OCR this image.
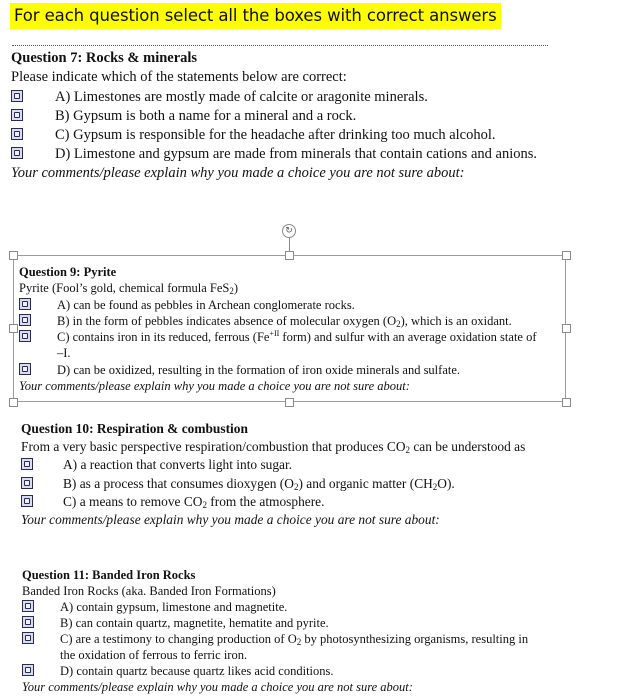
For each question select all the boxes with correct answers
Question 7: Rocks & minerals
Please indicate which of the statements below are correct:
A) Limestones are mostly made of calcite or aragonite minerals.
B) Gypsum is both a name for a mineral and a rock.
C) Gypsum is responsible for the headache after drinking too much alcohol.
D) Limestone and gypsum are made from minerals that contain cations and anions.
Your comments/please explain why you made a choice you are not sure about:
↻
Question 9: Pyrite
Pyrite (Fool’s gold, chemical formula FeS$_2$)
A) can be found as pebbles in Archean conglomerate rocks.
B) in the form of pebbles indicates absence of molecular oxygen $(O_2)$, which is an oxidant.
C) contains iron in its reduced, ferrous ($Fe^{+II}$ form) and sulfur with an average oxidation state of
–I.
D) can be oxidized, resulting in the formation of iron oxide minerals and sulfate.
Your comments/please explain why you made a choice you are not sure about:
Question 10: Respiration & combustion
From a very basic perspective respiration/combustion that produces $CO_2$ can be understood as
A) a reaction that converts light into sugar.
B) as a process that consumes dioxygen $(O_2)$ and organic matter $(CH_2O)$.
C) a means to remove $CO_2$ from the atmosphere.
Your comments/please explain why you made a choice you are not sure about:
Question 11: Banded Iron Rocks
Banded Iron Rocks (aka. Banded Iron Formations)
A) contain gypsum, limestone and magnetite.
B) can contain quartz, magnetite, hematite and pyrite.
C) are a testimony to changing production of $O_2$ by photosynthesizing organisms, resulting in
the oxidation of ferrous to ferric iron.
D) contain quartz because quartz likes acid conditions.
Your comments/please explain why you made a choice you are not sure about:
